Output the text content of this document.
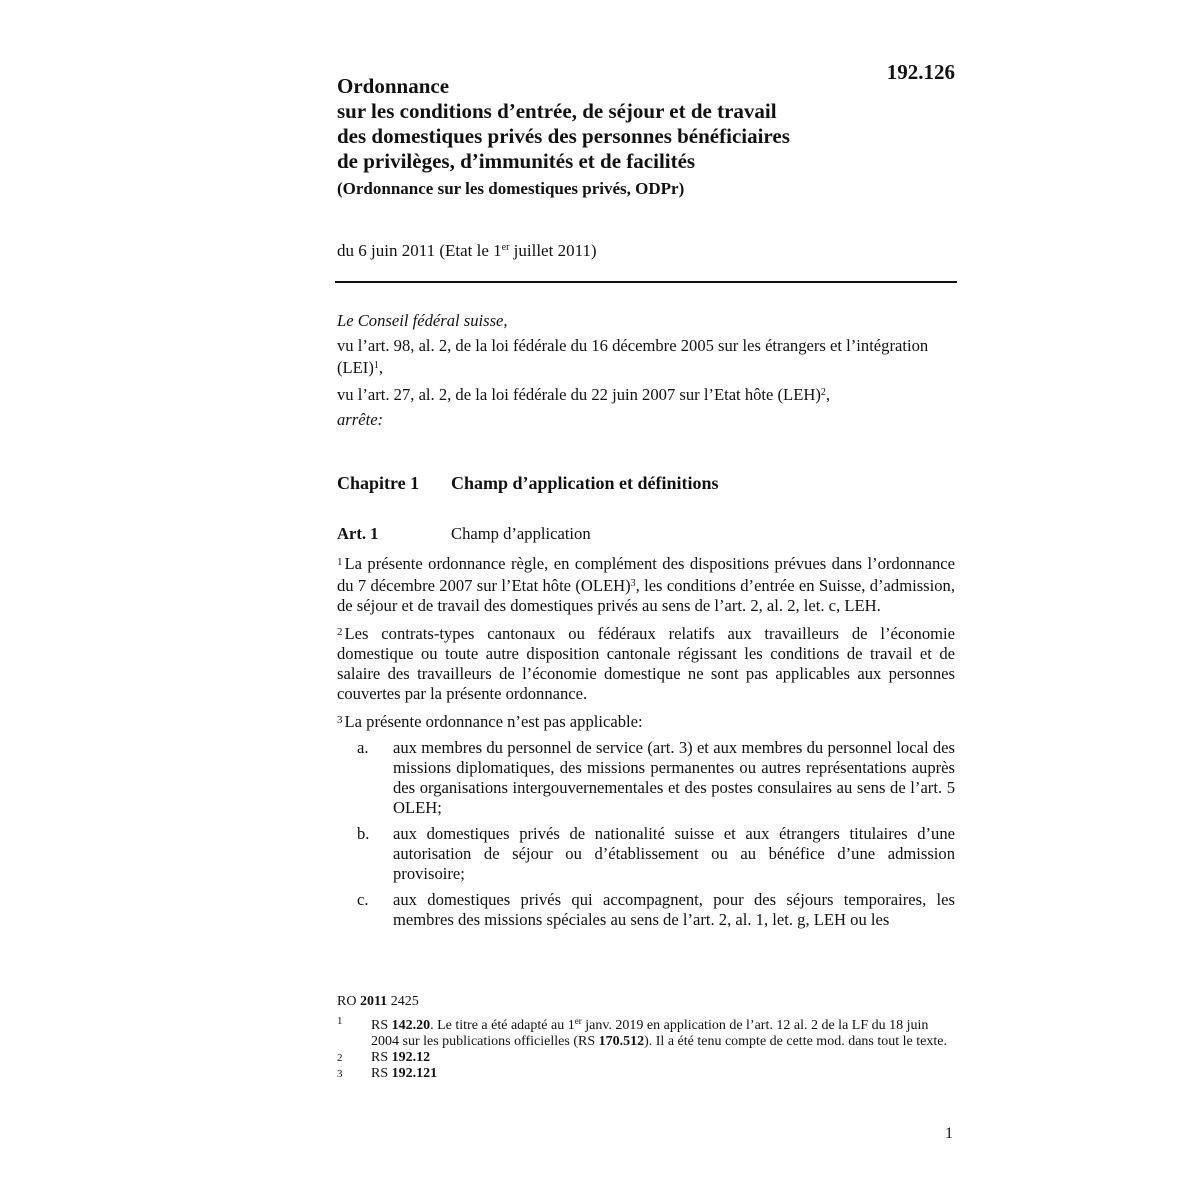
192.126
Ordonnance
sur les conditions d’entrée, de séjour et de travail
des domestiques privés des personnes bénéficiaires
de privilèges, d’immunités et de facilités
(Ordonnance sur les domestiques privés, ODPr)
du 6 juin 2011 (Etat le 1er juillet 2011)

Le Conseil fédéral suisse,

vu l’art. 98, al. 2, de la loi fédérale du 16 décembre 2005 sur les étrangers et l’intégration (LEI)$^1$,

vu l’art. 27, al. 2, de la loi fédérale du 22 juin 2007 sur l’Etat hôte (LEH)$^2$,

arrête:

Chapitre 1 Champ d’application et définitions
Art. 1	Champ d’application

$^1$ La présente ordonnance règle, en complément des dispositions prévues dans l’ordonnance du 7 décembre 2007 sur l’Etat hôte (OLEH)$^3$, les conditions d’entrée en Suisse, d’admission, de séjour et de travail des domestiques privés au sens de l’art. 2, al. 2, let. c, LEH.

$^2$ Les contrats-types cantonaux ou fédéraux relatifs aux travailleurs de l’économie domestique ou toute autre disposition cantonale régissant les conditions de travail et de salaire des travailleurs de l’économie domestique ne sont pas applicables aux personnes couvertes par la présente ordonnance.

$^3$ La présente ordonnance n’est pas applicable:

a.	aux membres du personnel de service (art. 3) et aux membres du personnel local des missions diplomatiques, des missions permanentes ou autres représentations auprès des organisations intergouvernementales et des postes consulaires au sens de l’art. 5 OLEH;
b.	aux domestiques privés de nationalité suisse et aux étrangers titulaires d’une autorisation de séjour ou d’établissement ou au bénéfice d’une admission provisoire;
c.	aux domestiques privés qui accompagnent, pour des séjours temporaires, les membres des missions spéciales au sens de l’art. 2, al. 1, let. g, LEH ou les
RO 2011 2425
1	RS 142.20. Le titre a été adapté au 1er janv. 2019 en application de l’art. 12 al. 2 de la LF du 18 juin 2004 sur les publications officielles (RS 170.512). Il a été tenu compte de cette mod. dans tout le texte.
2	RS 192.12
3	RS 192.121
1
